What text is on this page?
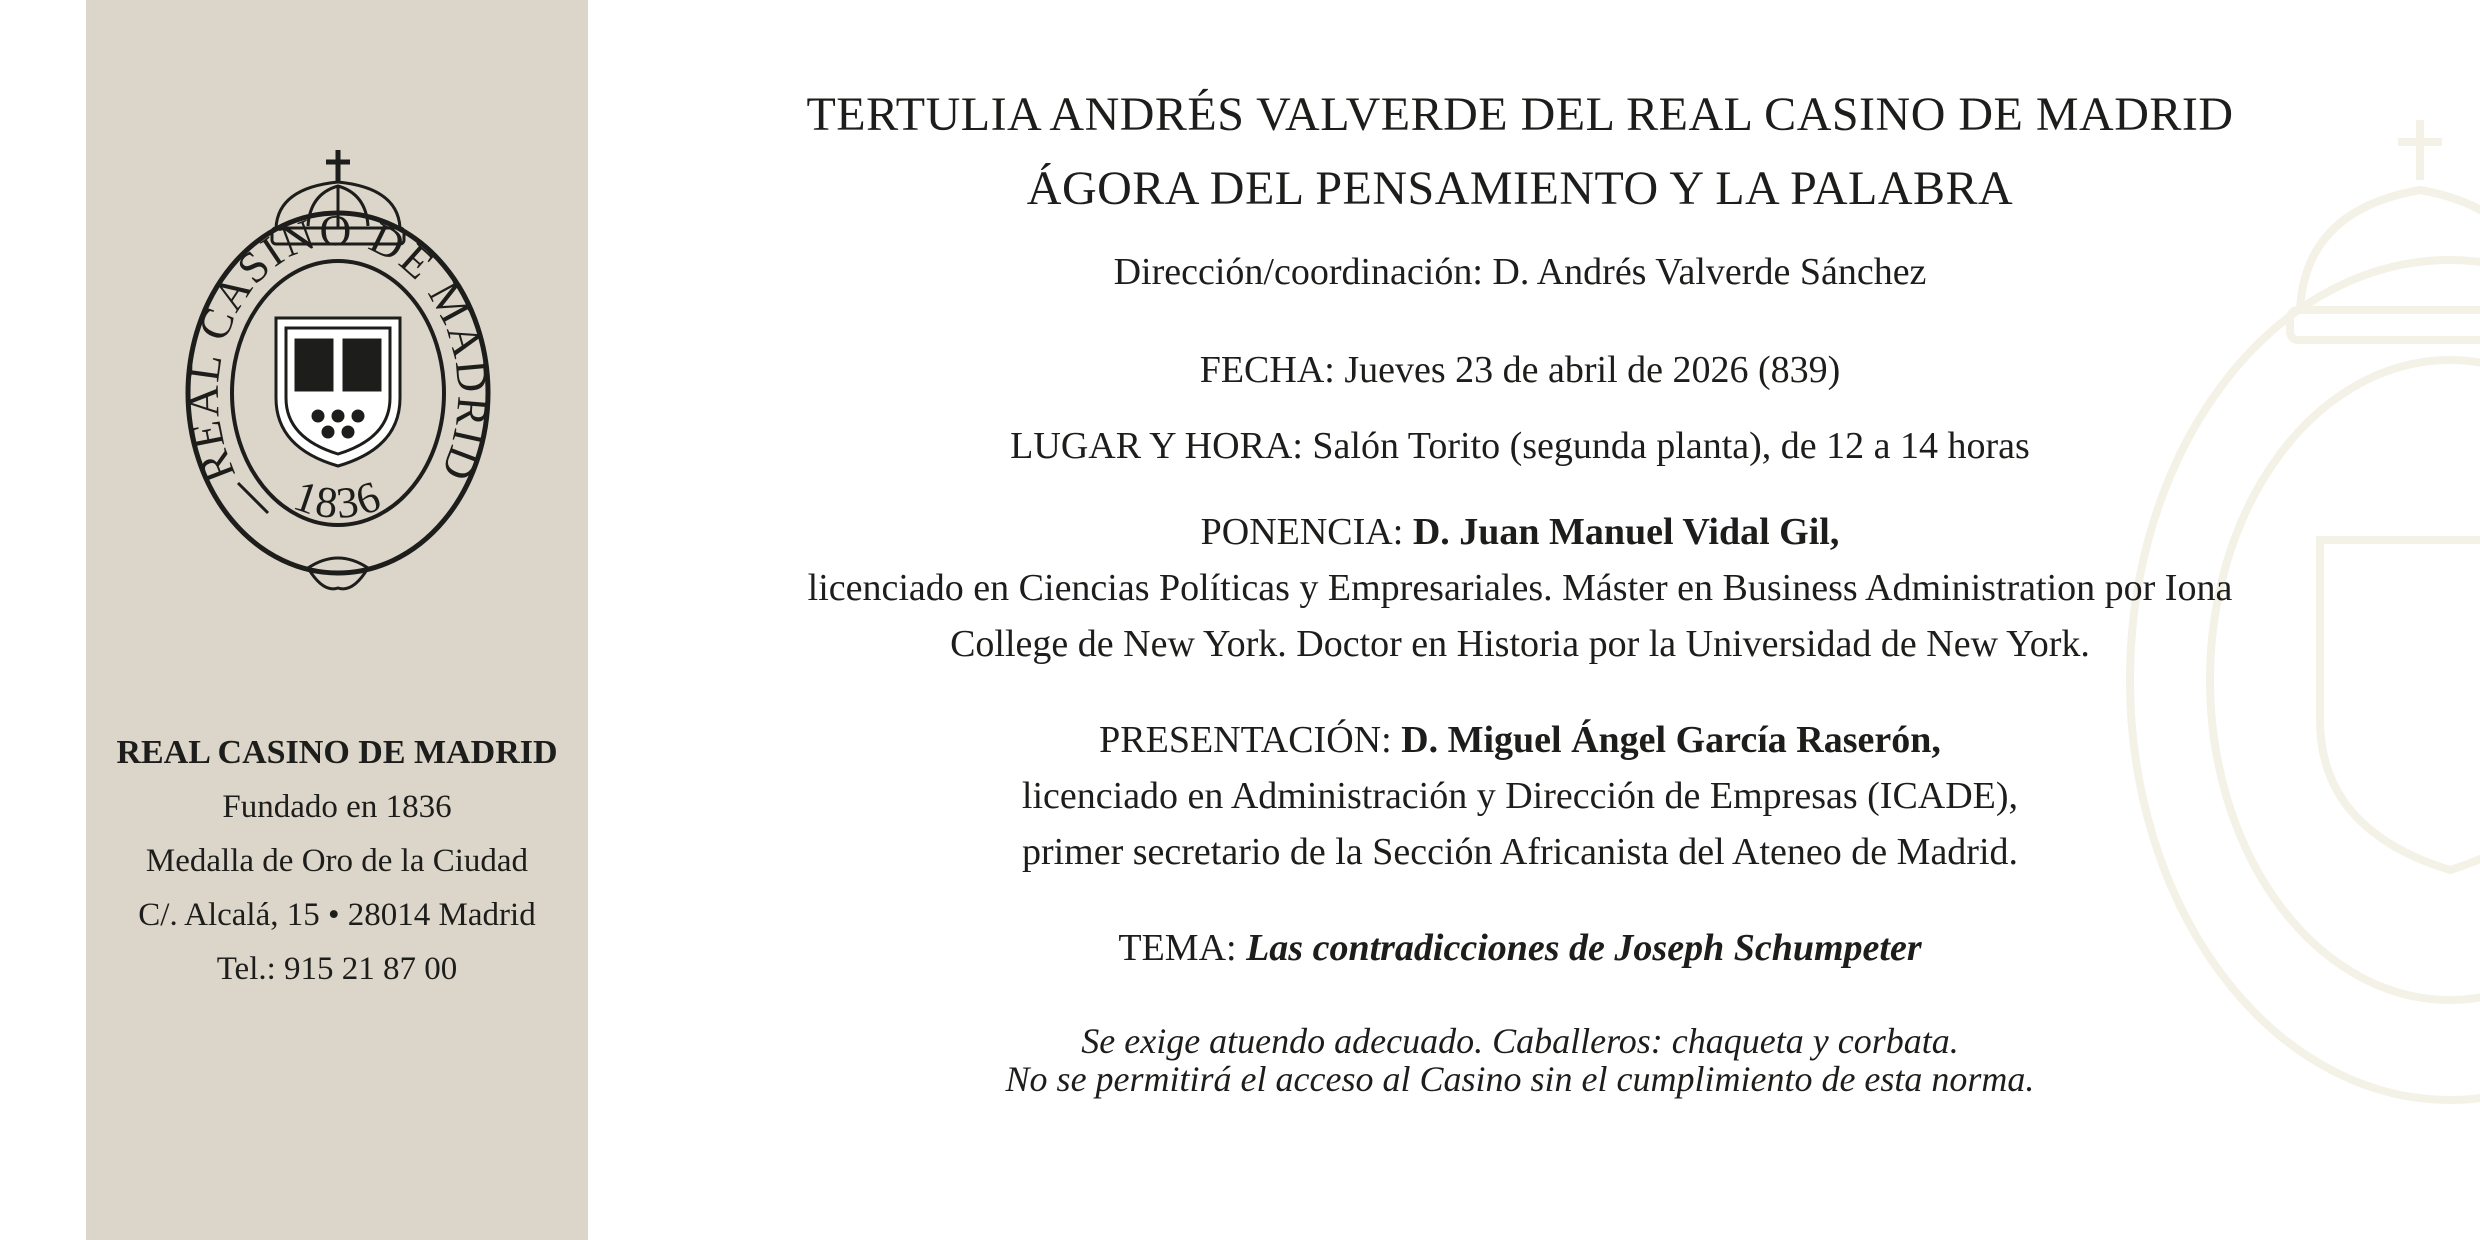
REAL CASINO DE MADRID
1836
REAL CASINO DE MADRID
Fundado en 1836
Medalla de Oro de la Ciudad
C/. Alcalá, 15 • 28014 Madrid
Tel.: 915 21 87 00
TERTULIA ANDRÉS VALVERDE DEL REAL CASINO DE MADRID
ÁGORA DEL PENSAMIENTO Y LA PALABRA
Dirección/coordinación: D. Andrés Valverde Sánchez
FECHA: Jueves 23 de abril de 2026 (839)
LUGAR Y HORA: Salón Torito (segunda planta), de 12 a 14 horas
PONENCIA: D. Juan Manuel Vidal Gil,
licenciado en Ciencias Políticas y Empresariales. Máster en Business Administration por Iona
College de New York. Doctor en Historia por la Universidad de New York.
PRESENTACIÓN: D. Miguel Ángel García Raserón,
licenciado en Administración y Dirección de Empresas (ICADE),
primer secretario de la Sección Africanista del Ateneo de Madrid.
TEMA: Las contradicciones de Joseph Schumpeter
Se exige atuendo adecuado. Caballeros: chaqueta y corbata.
No se permitirá el acceso al Casino sin el cumplimiento de esta norma.
